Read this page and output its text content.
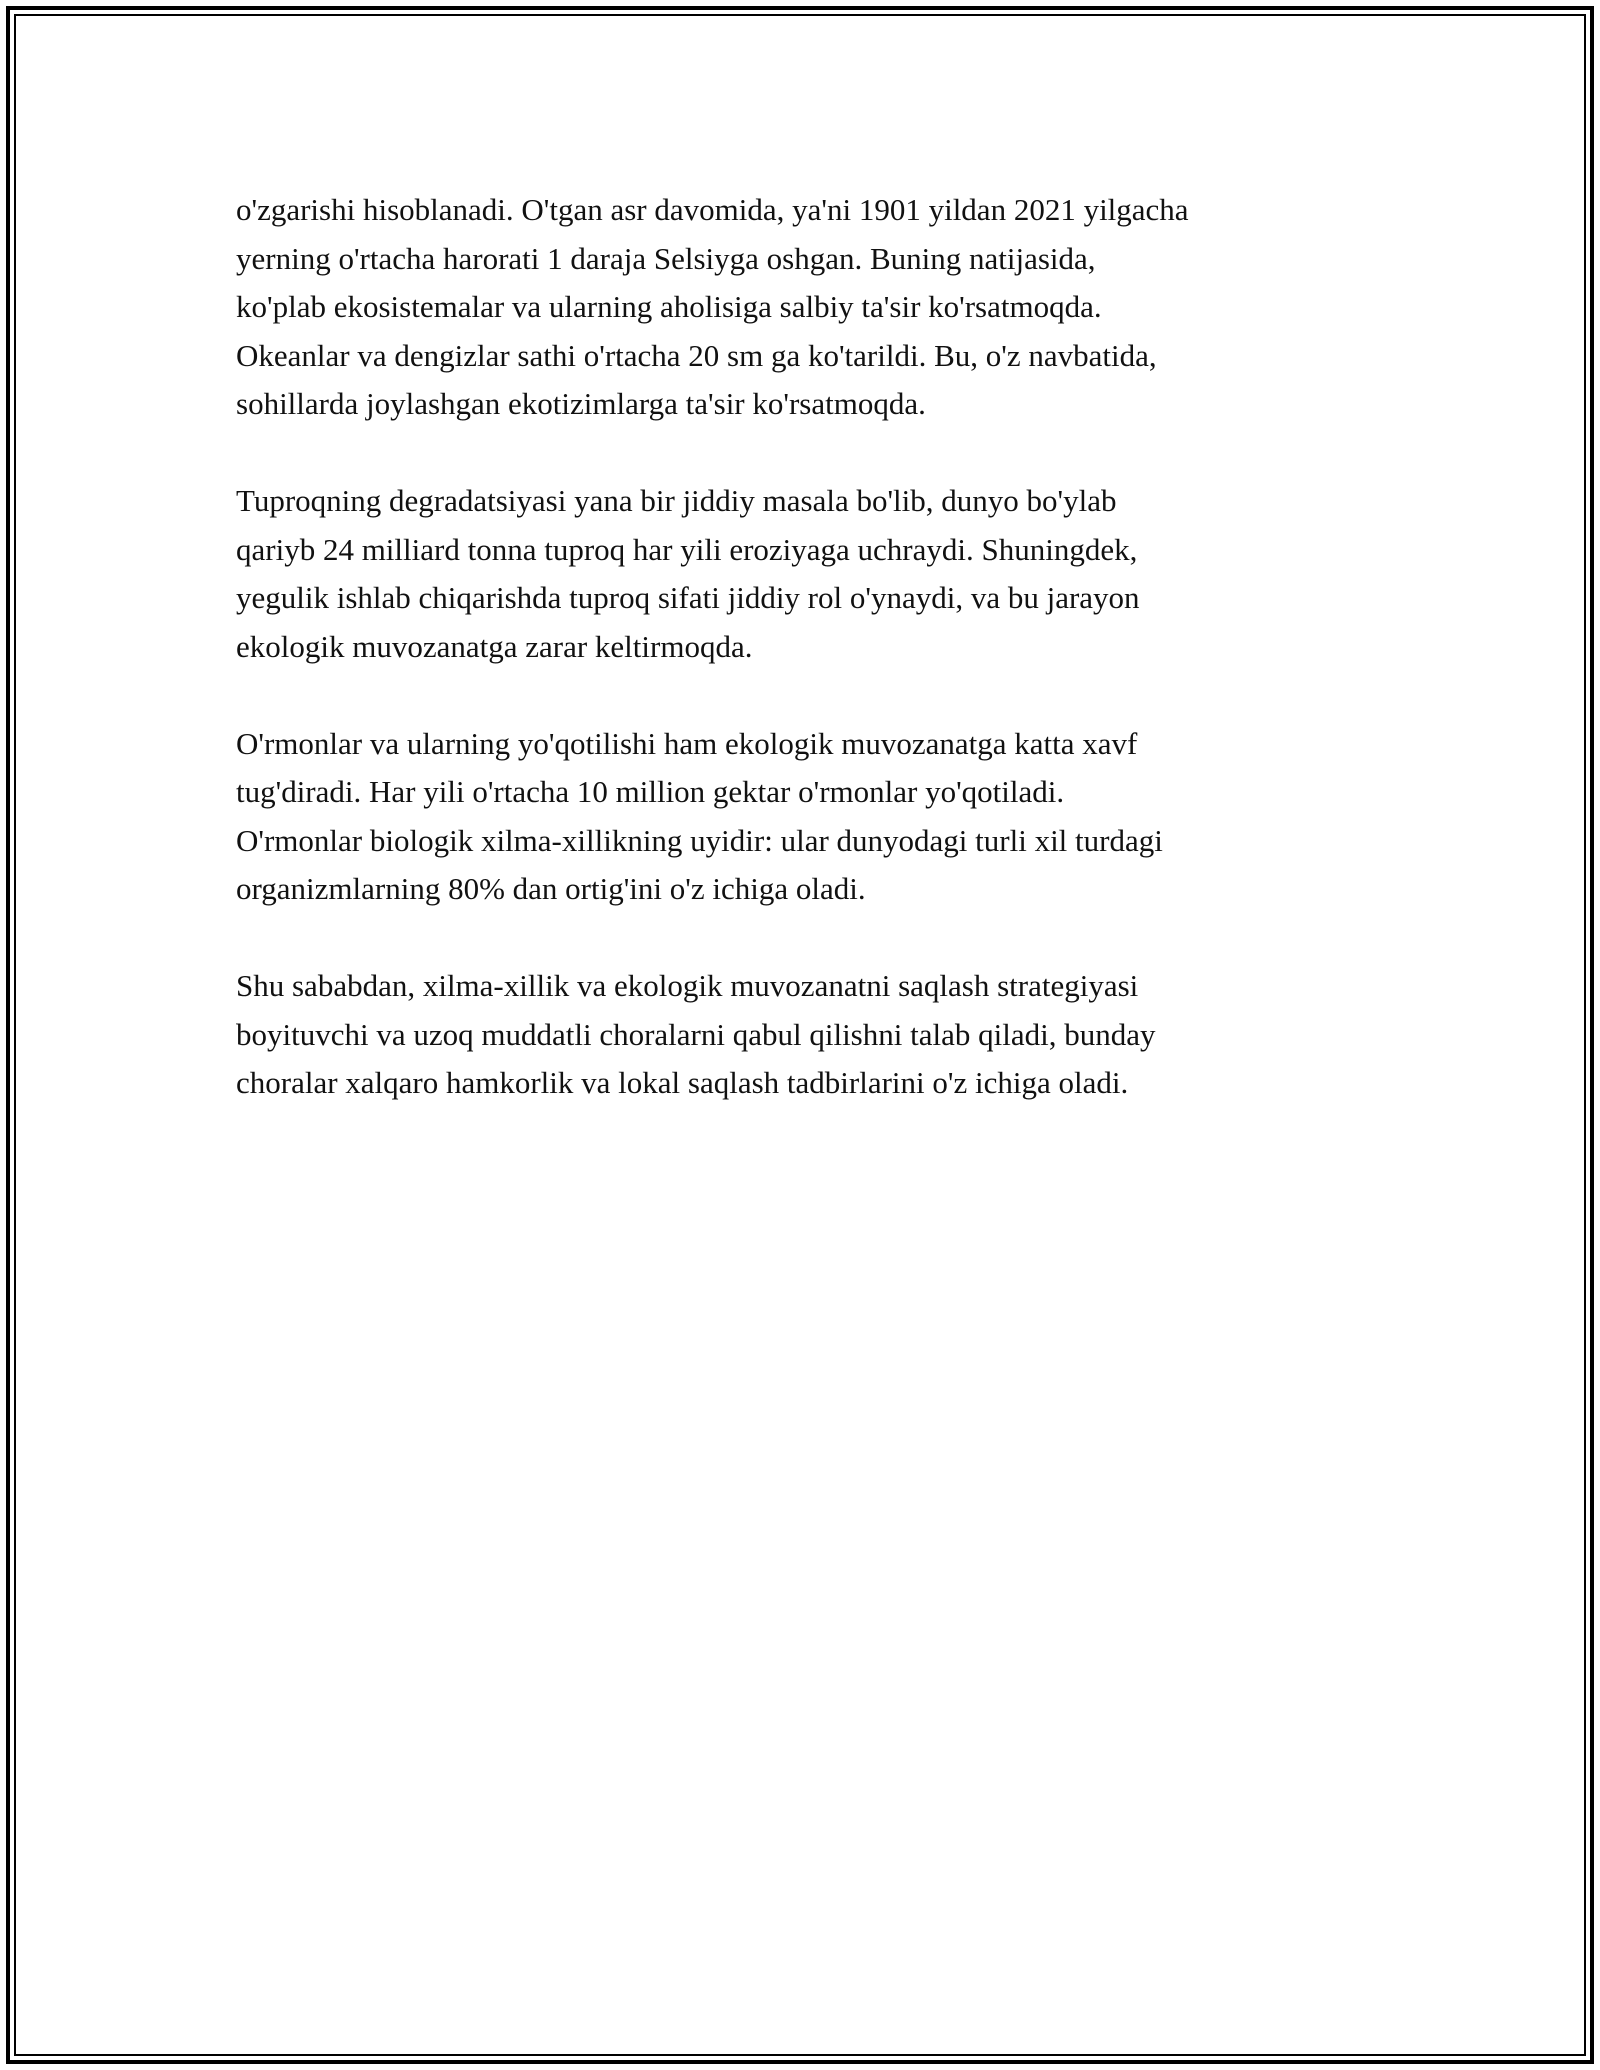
o'zgarishi hisoblanadi. O'tgan asr davomida, ya'ni 1901 yildan 2021 yilgacha
yerning o'rtacha harorati 1 daraja Selsiyga oshgan. Buning natijasida,
ko'plab ekosistemalar va ularning aholisiga salbiy ta'sir ko'rsatmoqda.
Okeanlar va dengizlar sathi o'rtacha 20 sm ga ko'tarildi. Bu, o'z navbatida,
sohillarda joylashgan ekotizimlarga ta'sir ko'rsatmoqda.

Tuproqning degradatsiyasi yana bir jiddiy masala bo'lib, dunyo bo'ylab
qariyb 24 milliard tonna tuproq har yili eroziyaga uchraydi. Shuningdek,
yegulik ishlab chiqarishda tuproq sifati jiddiy rol o'ynaydi, va bu jarayon
ekologik muvozanatga zarar keltirmoqda.

O'rmonlar va ularning yo'qotilishi ham ekologik muvozanatga katta xavf
tug'diradi. Har yili o'rtacha 10 million gektar o'rmonlar yo'qotiladi.
O'rmonlar biologik xilma-xillikning uyidir: ular dunyodagi turli xil turdagi
organizmlarning 80% dan ortig'ini o'z ichiga oladi.

Shu sababdan, xilma-xillik va ekologik muvozanatni saqlash strategiyasi
boyituvchi va uzoq muddatli choralarni qabul qilishni talab qiladi, bunday
choralar xalqaro hamkorlik va lokal saqlash tadbirlarini o'z ichiga oladi.
